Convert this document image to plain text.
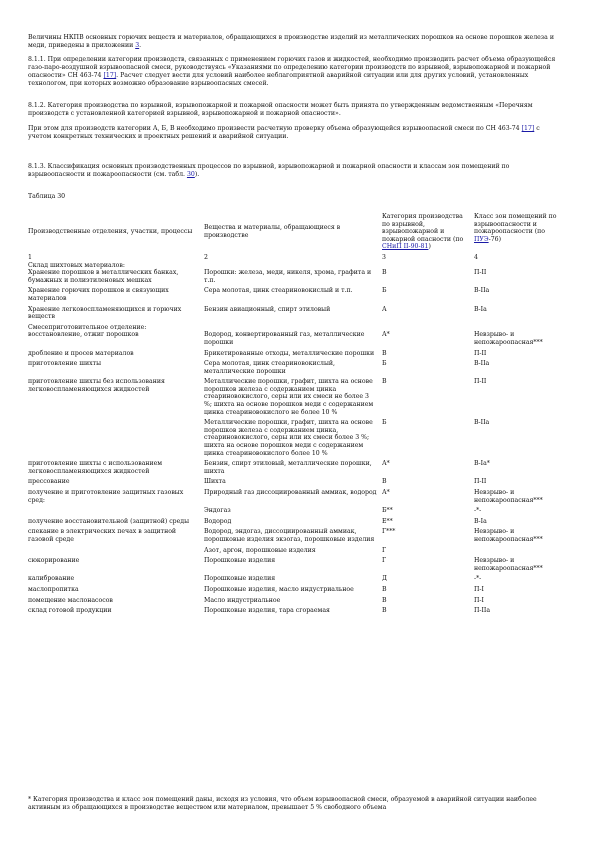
Величины НКПВ основных горючих веществ и материалов, обращающихся в производстве изделий из металлических порошков на основе порошков железа и меди, приведены в приложении 3.

8.1.1. При определении категории производств, связанных с применением горючих газов и жидкостей, необходимо производить расчет объема образующейся газо-паро-воздушной взрывоопасной смеси, руководствуясь «Указаниями по определению категории производств по взрывной, взрывопожарной и пожарной опасности» СН 463-74 [17]. Расчет следует вести для условий наиболее неблагоприятной аварийной ситуации или для других условий, установленных технологом, при которых возможно образование взрывоопасных смесей.

8.1.2. Категория производства по взрывной, взрывопожарной и пожарной опасности может быть принята по утвержденным ведомственным «Перечням производств с установленной категорией взрывной, взрывопожарной и пожарной опасности».

При этом для производств категории А, Б, В необходимо произвести расчетную проверку объема образующейся взрывоопасной смеси по СН 463-74 [17] с учетом конкретных технических и проектных решений и аварийной ситуации.

8.1.3. Классификация основных производственных процессов по взрывной, взрывопожарной и пожарной опасности и классам зон помещений по взрывоопасности и пожароопасности (см. табл. 30).

Таблица 30

Производственные отделения, участки, процессы	Вещества и материалы, обращающиеся в производстве	Категория производства по взрывной, взрывопожарной и пожарной опасности (по СНиП II-90-81)	Класс зон помещений по взрывоопасности и пожароопасности (по ПУЭ-76)
1	2	3	4
Склад шихтовых материалов:			
Хранение порошков в металлических банках, бумажных и полиэтиленовых мешках	Порошки: железа, меди, никеля, хрома, графита и т.п.	В	П-II
Хранение горючих порошков и связующих материалов	Сера молотая, цинк стеариновокислый и т.п.	Б	В-IIа
Хранение легковоспламеняющихся и горючих веществ	Бензин авиационный, спирт этиловый	А	В-Iа
Смесеприготовительное отделение:			
восстановление, отжиг порошков	Водород, конвертированный газ, металлические порошки	А*	Невзрыво- и непожароопасная***
дробление и просев материалов	Брикетированные отходы, металлические порошки	В	П-II
приготовление шихты	Сера молотая, цинк стеариновокислый, металлические порошки	Б	В-IIа
приготовление шихты без использования легковоспламеняющихся жидкостей	Металлические порошки, графит, шихта на основе порошков железа с содержанием цинка стеариновокислого, серы или их смеси не более 3 %; шихта на основе порошков меди с содержанием цинка стеариновокислого не более 10 %	В	П-II
	Металлические порошки, графит, шихта на основе порошков железа с содержанием цинка, стеариновокислого, серы или их смеси более 3 %; шихта на основе порошков меди с содержанием цинка стеариновокислого более 10 %	Б	В-IIа
приготовление шихты с использованием легковоспламеняющихся жидкостей	Бензин, спирт этиловый, металлические порошки, шихта	А*	В-Iа*
прессование	Шихта	В	П-II
получение и приготовление защитных газовых сред:	Природный газ диссоциированный аммиак, водород	А*	Невзрыво- и непожароопасная***
	Эндогаз	Б**	-*-
получение восстановительной (защитной) среды	Водород	Е**	В-Iа
спекание в электрических печах в защитной газовой среде	Водород, эндогаз, диссоциированный аммиак, порошковые изделия экзогаз, порошковые изделия	Г***	Невзрыво- и непожароопасная***
	Азот, аргон, порошковые изделия	Г	
сюкорирование	Порошковые изделия	Г	Невзрыво- и непожароопасная***
калибрование	Порошковые изделия	Д	-*-
маслопропитка	Порошковые изделия, масло индустриальное	В	П-I
помещение маслонасосов	Масло индустриальное	В	П-I
склад готовой продукции	Порошковые изделия, тара сгораемая	В	П-IIа

* Категория производства и класс зон помещений даны, исходя из условия, что объем взрывоопасной смеси, образуемой в аварийной ситуации наиболее активным из обращающихся в производстве веществом или материалом, превышает 5 % свободного объема
